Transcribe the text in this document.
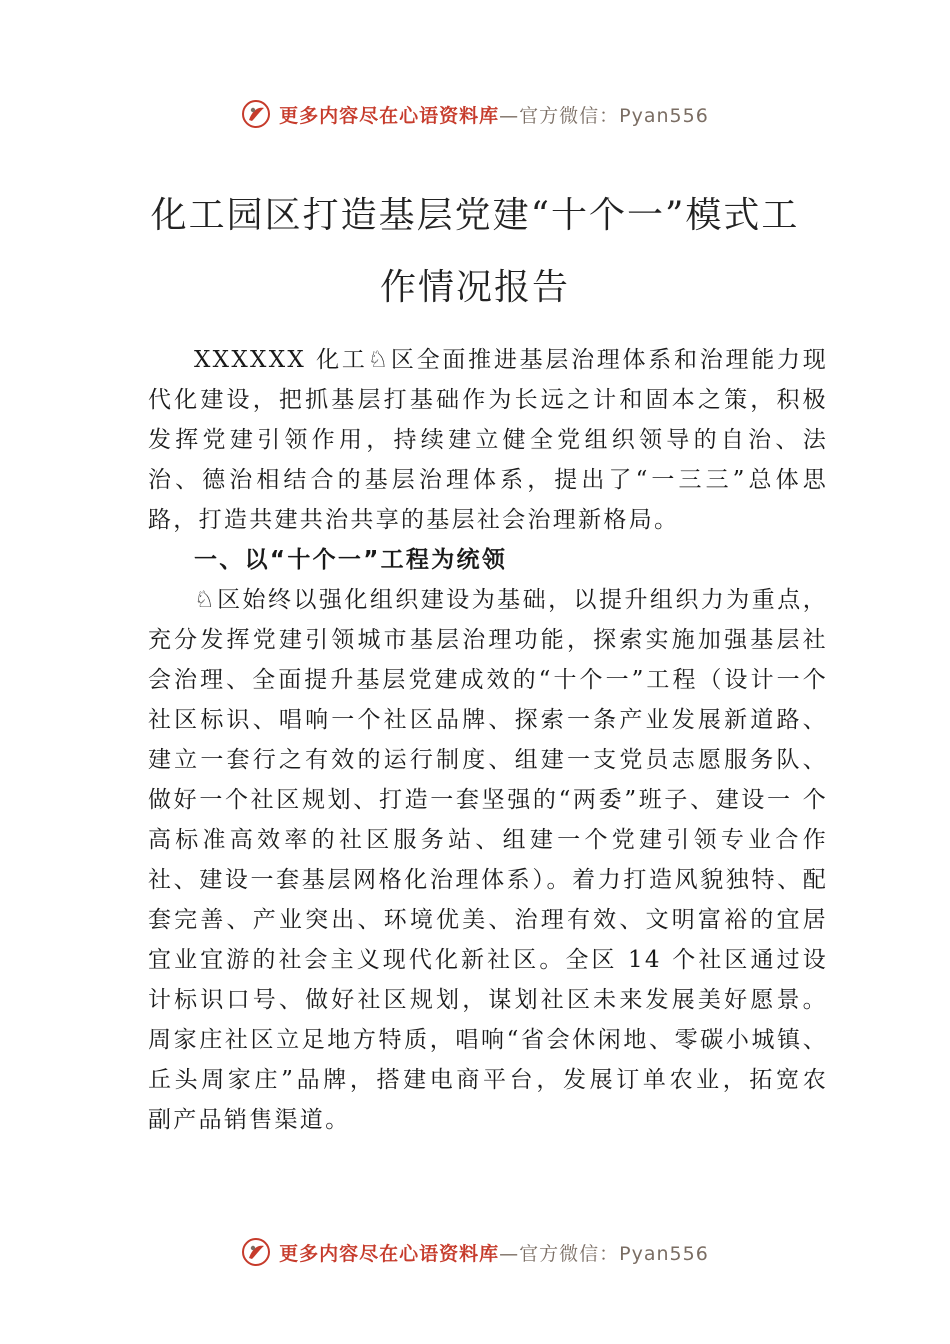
更多内容尽在心语资料库—官方微信：Pyan556
化工园区打造基层党建“十个一”模式工作情况报告

XXXXXX 化工♘区全面推进基层治理体系和治理能力现代化建设，把抓基层打基础作为长远之计和固本之策，积极发挥党建引领作用，持续建立健全党组织领导的自治、法治、德治相结合的基层治理体系，提出了“一三三”总体思路，打造共建共治共享的基层社会治理新格局。

一、以“十个一”工程为统领

♘区始终以强化组织建设为基础，以提升组织力为重点，充分发挥党建引领城市基层治理功能，探索实施加强基层社会治理、全面提升基层党建成效的“十个一”工程（设计一个社区标识、唱响一个社区品牌、探索一条产业发展新道路、建立一套行之有效的运行制度、组建一支党员志愿服务队、做好一个社区规划、打造一套坚强的“两委”班子、建设一 个高标准高效率的社区服务站、组建一个党建引领专业合作 社、建设一套基层网格化治理体系）。着力打造风貌独特、配 套完善、产业突出、环境优美、治理有效、文明富裕的宜居 宜业宜游的社会主义现代化新社区。全区 14 个社区通过设计标识口号、做好社区规划，谋划社区未来发展美好愿景。周家庄社区立足地方特质，唱响“省会休闲地、零碳小城镇、 丘头周家庄”品牌，搭建电商平台，发展订单农业，拓宽农 副产品销售渠道。

更多内容尽在心语资料库—官方微信：Pyan556
